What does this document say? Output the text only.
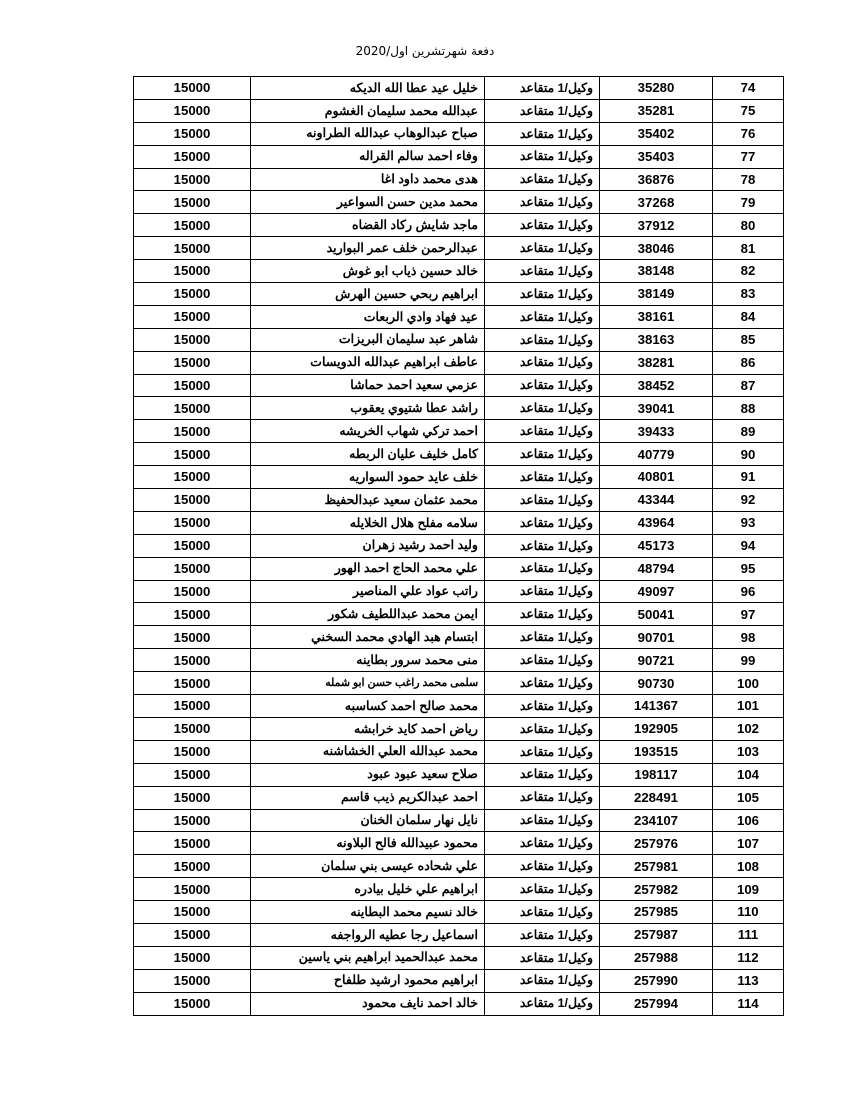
دفعة شهرتشرين اول/2020
15000	خليل عيد عطا الله الديكه	وكيل/1 متقاعد	35280	74
15000	عبدالله محمد سليمان الغشوم	وكيل/1 متقاعد	35281	75
15000	صباح عبدالوهاب عبدالله الطراونه	وكيل/1 متقاعد	35402	76
15000	وفاء احمد سالم القراله	وكيل/1 متقاعد	35403	77
15000	هدى محمد داود اغا	وكيل/1 متقاعد	36876	78
15000	محمد مدين حسن السواعير	وكيل/1 متقاعد	37268	79
15000	ماجد شايش ركاد القضاه	وكيل/1 متقاعد	37912	80
15000	عبدالرحمن خلف عمر البواريد	وكيل/1 متقاعد	38046	81
15000	خالد حسين ذياب ابو غوش	وكيل/1 متقاعد	38148	82
15000	ابراهيم ربحي حسين الهرش	وكيل/1 متقاعد	38149	83
15000	عيد فهاد وادي الربعات	وكيل/1 متقاعد	38161	84
15000	شاهر عبد سليمان البريزات	وكيل/1 متقاعد	38163	85
15000	عاطف ابراهيم عبدالله الدويسات	وكيل/1 متقاعد	38281	86
15000	عزمي سعيد احمد حماشا	وكيل/1 متقاعد	38452	87
15000	راشد عطا شتيوي يعقوب	وكيل/1 متقاعد	39041	88
15000	احمد تركي شهاب الخريشه	وكيل/1 متقاعد	39433	89
15000	كامل خليف عليان الربطه	وكيل/1 متقاعد	40779	90
15000	خلف عايد حمود السواريه	وكيل/1 متقاعد	40801	91
15000	محمد عثمان سعيد عبدالحفيظ	وكيل/1 متقاعد	43344	92
15000	سلامه مفلح هلال الخلايله	وكيل/1 متقاعد	43964	93
15000	وليد احمد رشيد زهران	وكيل/1 متقاعد	45173	94
15000	علي محمد الحاج احمد الهور	وكيل/1 متقاعد	48794	95
15000	راتب عواد علي المناصير	وكيل/1 متقاعد	49097	96
15000	ايمن محمد عبداللطيف شكور	وكيل/1 متقاعد	50041	97
15000	ابتسام هبد الهادي محمد السخني	وكيل/1 متقاعد	90701	98
15000	منى محمد سرور بطاينه	وكيل/1 متقاعد	90721	99
15000	سلمى محمد راغب حسن ابو شمله	وكيل/1 متقاعد	90730	100
15000	محمد صالح احمد كساسبه	وكيل/1 متقاعد	141367	101
15000	رياض احمد كايد خرابشه	وكيل/1 متقاعد	192905	102
15000	محمد عبدالله العلي الخشاشنه	وكيل/1 متقاعد	193515	103
15000	صلاح سعيد عبود عبود	وكيل/1 متقاعد	198117	104
15000	احمد عبدالكريم ذيب قاسم	وكيل/1 متقاعد	228491	105
15000	نايل نهار سلمان الخنان	وكيل/1 متقاعد	234107	106
15000	محمود عبيدالله فالح البلاونه	وكيل/1 متقاعد	257976	107
15000	علي شحاده عيسى بني سلمان	وكيل/1 متقاعد	257981	108
15000	ابراهيم علي خليل بيادره	وكيل/1 متقاعد	257982	109
15000	خالد نسيم محمد البطاينه	وكيل/1 متقاعد	257985	110
15000	اسماعيل رجا عطيه الرواجفه	وكيل/1 متقاعد	257987	111
15000	محمد عبدالحميد ابراهيم بني ياسين	وكيل/1 متقاعد	257988	112
15000	ابراهيم محمود ارشيد طلفاح	وكيل/1 متقاعد	257990	113
15000	خالد احمد نايف محمود	وكيل/1 متقاعد	257994	114
